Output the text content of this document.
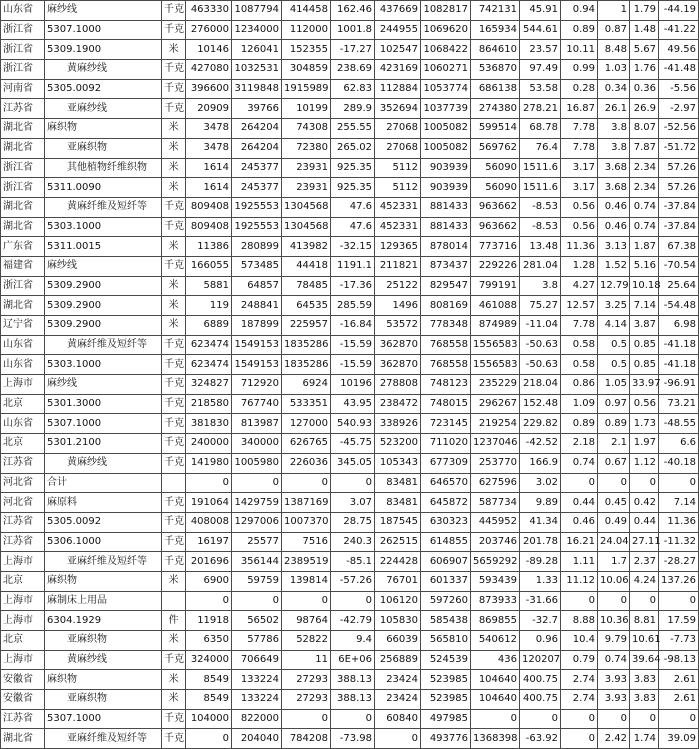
山东省	麻纱线	千克	463330	1087794	414458	162.46	437669	1082817	742131	45.91	0.94	1	1.79	-44.19
浙江省	5307.1000	千克	276000	1234000	112000	1001.8	244955	1069620	165934	544.61	0.89	0.87	1.48	-41.22
浙江省	5309.1900	米	10146	126041	152355	-17.27	102547	1068422	864610	23.57	10.11	8.48	5.67	49.56
浙江省	黄麻纱线	千克	427080	1032531	304859	238.69	423169	1060271	536870	97.49	0.99	1.03	1.76	-41.48
河南省	5305.0092	千克	396600	3119848	1915989	62.83	112884	1053774	686138	53.58	0.28	0.34	0.36	-5.56
江苏省	亚麻纱线	千克	20909	39766	10199	289.9	352694	1037739	274380	278.21	16.87	26.1	26.9	-2.97
湖北省	麻织物	米	3478	264204	74308	255.55	27068	1005082	599514	68.78	7.78	3.8	8.07	-52.56
湖北省	亚麻织物	米	3478	264204	72380	265.02	27068	1005082	569762	76.4	7.78	3.8	7.87	-51.72
浙江省	其他植物纤维织物	米	1614	245377	23931	925.35	5112	903939	56090	1511.6	3.17	3.68	2.34	57.26
浙江省	5311.0090	米	1614	245377	23931	925.35	5112	903939	56090	1511.6	3.17	3.68	2.34	57.26
湖北省	黄麻纤维及短纤等	千克	809408	1925553	1304568	47.6	452331	881433	963662	-8.53	0.56	0.46	0.74	-37.84
湖北省	5303.1000	千克	809408	1925553	1304568	47.6	452331	881433	963662	-8.53	0.56	0.46	0.74	-37.84
广东省	5311.0015	米	11386	280899	413982	-32.15	129365	878014	773716	13.48	11.36	3.13	1.87	67.38
福建省	麻纱线	千克	166055	573485	44418	1191.1	211821	873437	229226	281.04	1.28	1.52	5.16	-70.54
浙江省	5309.2900	米	5881	64857	78485	-17.36	25122	829547	799191	3.8	4.27	12.79	10.18	25.64
湖北省	5309.2900	米	119	248841	64535	285.59	1496	808169	461088	75.27	12.57	3.25	7.14	-54.48
辽宁省	5309.2900	米	6889	187899	225957	-16.84	53572	778348	874989	-11.04	7.78	4.14	3.87	6.98
山东省	黄麻纤维及短纤等	千克	623474	1549153	1835286	-15.59	362870	768558	1556583	-50.63	0.58	0.5	0.85	-41.18
山东省	5303.1000	千克	623474	1549153	1835286	-15.59	362870	768558	1556583	-50.63	0.58	0.5	0.85	-41.18
上海市	麻纱线	千克	324827	712920	6924	10196	278808	748123	235229	218.04	0.86	1.05	33.97	-96.91
北京	5301.3000	千克	218580	767740	533351	43.95	238472	748015	296267	152.48	1.09	0.97	0.56	73.21
山东省	5307.1000	千克	381830	813987	127000	540.93	338926	723145	219254	229.82	0.89	0.89	1.73	-48.55
北京	5301.2100	千克	240000	340000	626765	-45.75	523200	711020	1237046	-42.52	2.18	2.1	1.97	6.6
江苏省	黄麻纱线	千克	141980	1005980	226036	345.05	105343	677309	253770	166.9	0.74	0.67	1.12	-40.18
河北省	合计		0	0	0	0	83481	646570	627596	3.02	0	0	0	0
河北省	麻原料	千克	191064	1429759	1387169	3.07	83481	645872	587734	9.89	0.44	0.45	0.42	7.14
江苏省	5305.0092	千克	408008	1297006	1007370	28.75	187545	630323	445952	41.34	0.46	0.49	0.44	11.36
江苏省	5306.1000	千克	16197	25577	7516	240.3	262515	614855	203746	201.78	16.21	24.04	27.11	-11.32
上海市	亚麻纤维及短纤等	千克	201696	356144	2389519	-85.1	224428	606907	5659292	-89.28	1.11	1.7	2.37	-28.27
北京	麻织物	米	6900	59759	139814	-57.26	76701	601337	593439	1.33	11.12	10.06	4.24	137.26
上海市	麻制床上用品		0	0	0	0	106120	597260	873933	-31.66	0	0	0	0
上海市	6304.1929	件	11918	56502	98764	-42.79	105830	585438	869855	-32.7	8.88	10.36	8.81	17.59
北京	亚麻织物	米	6350	57786	52822	9.4	66039	565810	540612	0.96	10.4	9.79	10.61	-7.73
上海市	黄麻纱线	千克	324000	706649	11	6E+06	256889	524539	436	120207	0.79	0.74	39.64	-98.13
安徽省	麻织物	米	8549	133224	27293	388.13	23424	523985	104640	400.75	2.74	3.93	3.83	2.61
安徽省	亚麻织物	米	8549	133224	27293	388.13	23424	523985	104640	400.75	2.74	3.93	3.83	2.61
江苏省	5307.1000	千克	104000	822000	0	0	60840	497985	0	0	0	0	0	0
湖北省	亚麻纤维及短纤等	千克	0	204040	784208	-73.98	0	493776	1368398	-63.92	0	2.42	1.74	39.09
